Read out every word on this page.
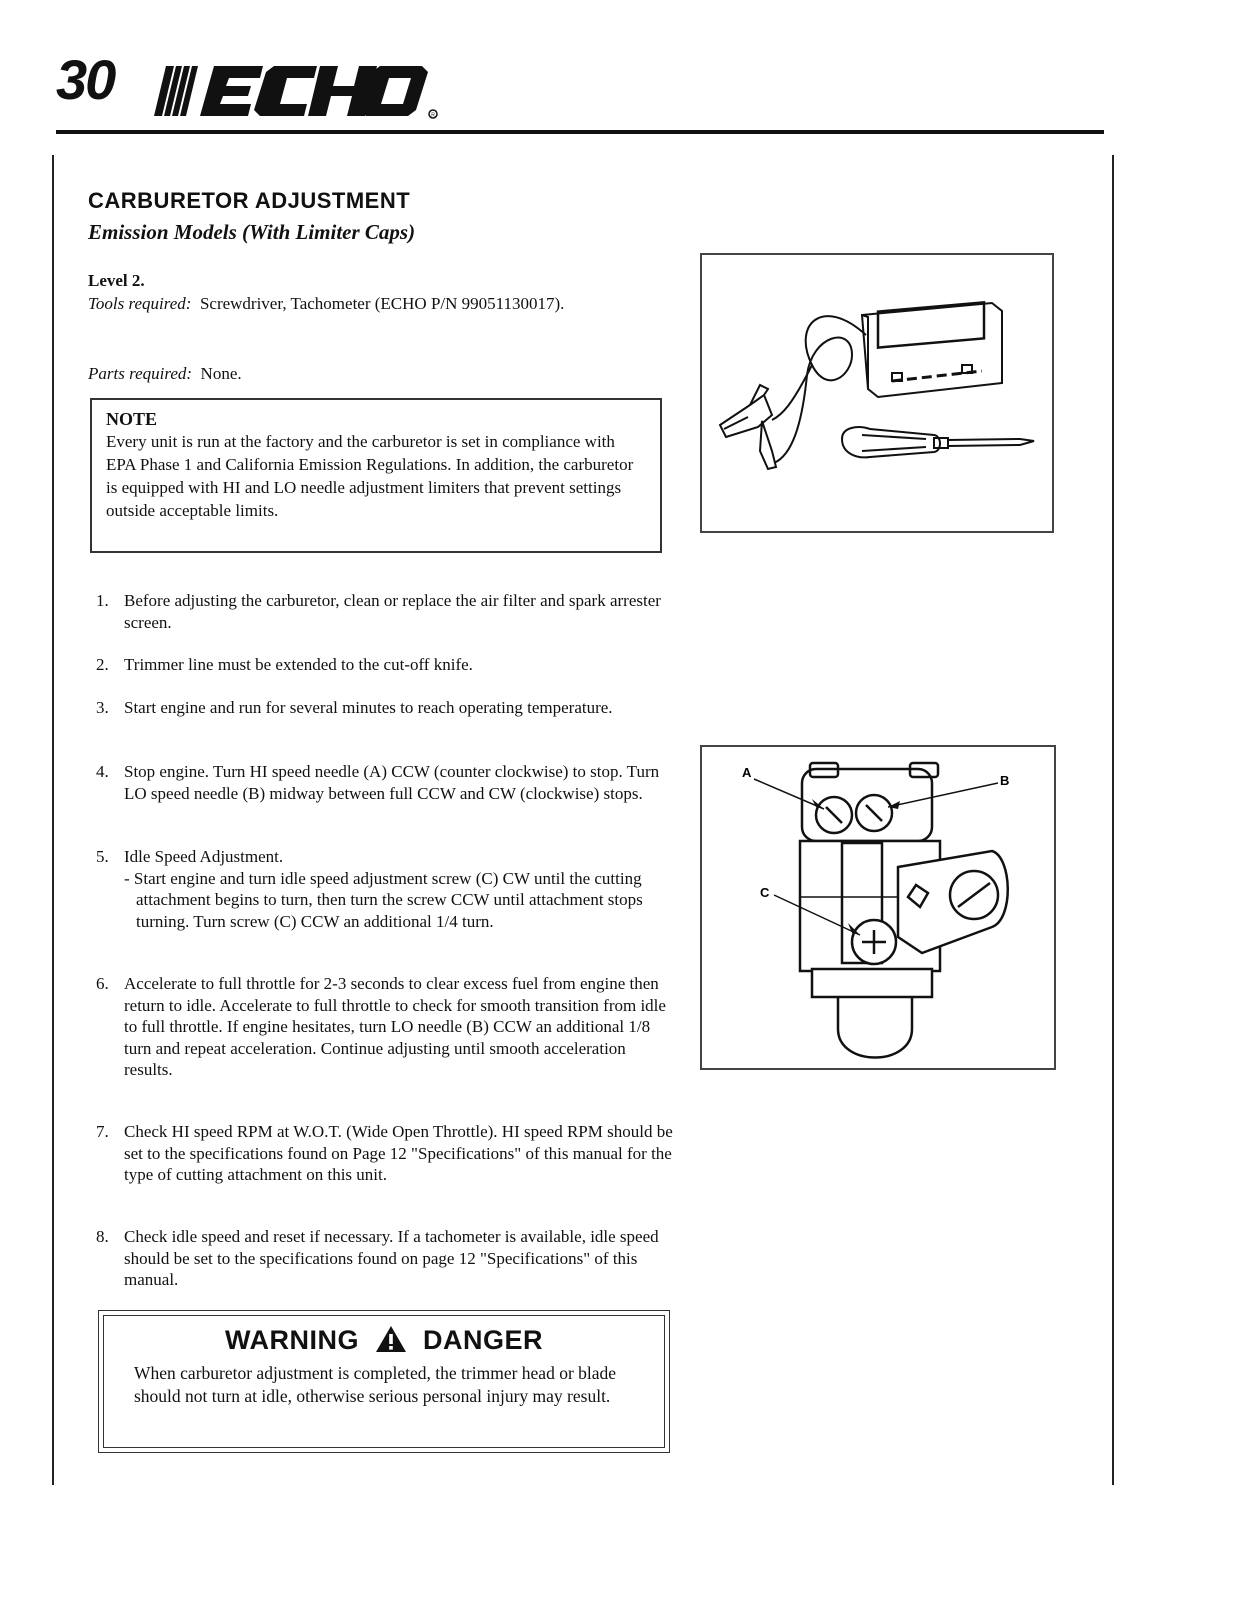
30
R
CARBURETOR ADJUSTMENT
Emission Models (With Limiter Caps)
Level 2.
Tools required: Screwdriver, Tachometer (ECHO P/N 99051130017).
Parts required: None.
NOTE
Every unit is run at the factory and the carburetor is set in compliance with EPA Phase 1 and California Emission Regulations. In addition, the carburetor is equipped with HI and LO needle adjustment limiters that prevent settings outside acceptable limits.
A
B
C
1. Before adjusting the carburetor, clean or replace the air filter and spark arrester screen.
2. Trimmer line must be extended to the cut-off knife.
3. Start engine and run for several minutes to reach operating temperature.
4. Stop engine. Turn HI speed needle (A) CCW (counter clockwise) to stop. Turn LO speed needle (B) midway between full CCW and CW (clockwise) stops.
5. Idle Speed Adjustment.
- Start engine and turn idle speed adjustment screw (C) CW until the cutting attachment begins to turn, then turn the screw CCW until attachment stops turning. Turn screw (C) CCW an additional 1/4 turn.
6. Accelerate to full throttle for 2-3 seconds to clear excess fuel from engine then return to idle. Accelerate to full throttle to check for smooth transition from idle to full throttle. If engine hesitates, turn LO needle (B) CCW an additional 1/8 turn and repeat acceleration. Continue adjusting until smooth acceleration results.
7. Check HI speed RPM at W.O.T. (Wide Open Throttle). HI speed RPM should be set to the specifications found on Page 12 "Specifications" of this manual for the type of cutting attachment on this unit.
8. Check idle speed and reset if necessary. If a tachometer is available, idle speed should be set to the specifications found on page 12 "Specifications" of this manual.
WARNING DANGER
When carburetor adjustment is completed, the trimmer head or blade should not turn at idle, otherwise serious personal injury may result.
